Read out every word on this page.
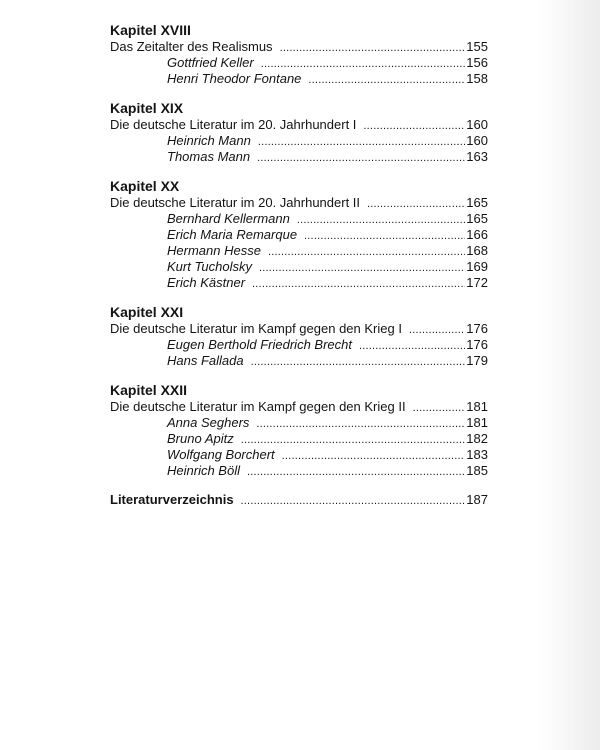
Kapitel XVIII
Das Zeitalter des Realismus .....	155
Gottfried Keller .....	156
Henri Theodor Fontane .....	158
Kapitel XIX
Die deutsche Literatur im 20. Jahrhundert I .....	160
Heinrich Mann .....	160
Thomas Mann .....	163
Kapitel XX
Die deutsche Literatur im 20. Jahrhundert II .....	165
Bernhard Kellermann .....	165
Erich Maria Remarque .....	166
Hermann Hesse .....	168
Kurt Tucholsky .....	169
Erich Kästner .....	172
Kapitel XXI
Die deutsche Literatur im Kampf gegen den Krieg I .....	176
Eugen Berthold Friedrich Brecht .....	176
Hans Fallada .....	179
Kapitel XXII
Die deutsche Literatur im Kampf gegen den Krieg II .....	181
Anna Seghers .....	181
Bruno Apitz .....	182
Wolfgang Borchert .....	183
Heinrich Böll .....	185
Literaturverzeichnis .....	187
